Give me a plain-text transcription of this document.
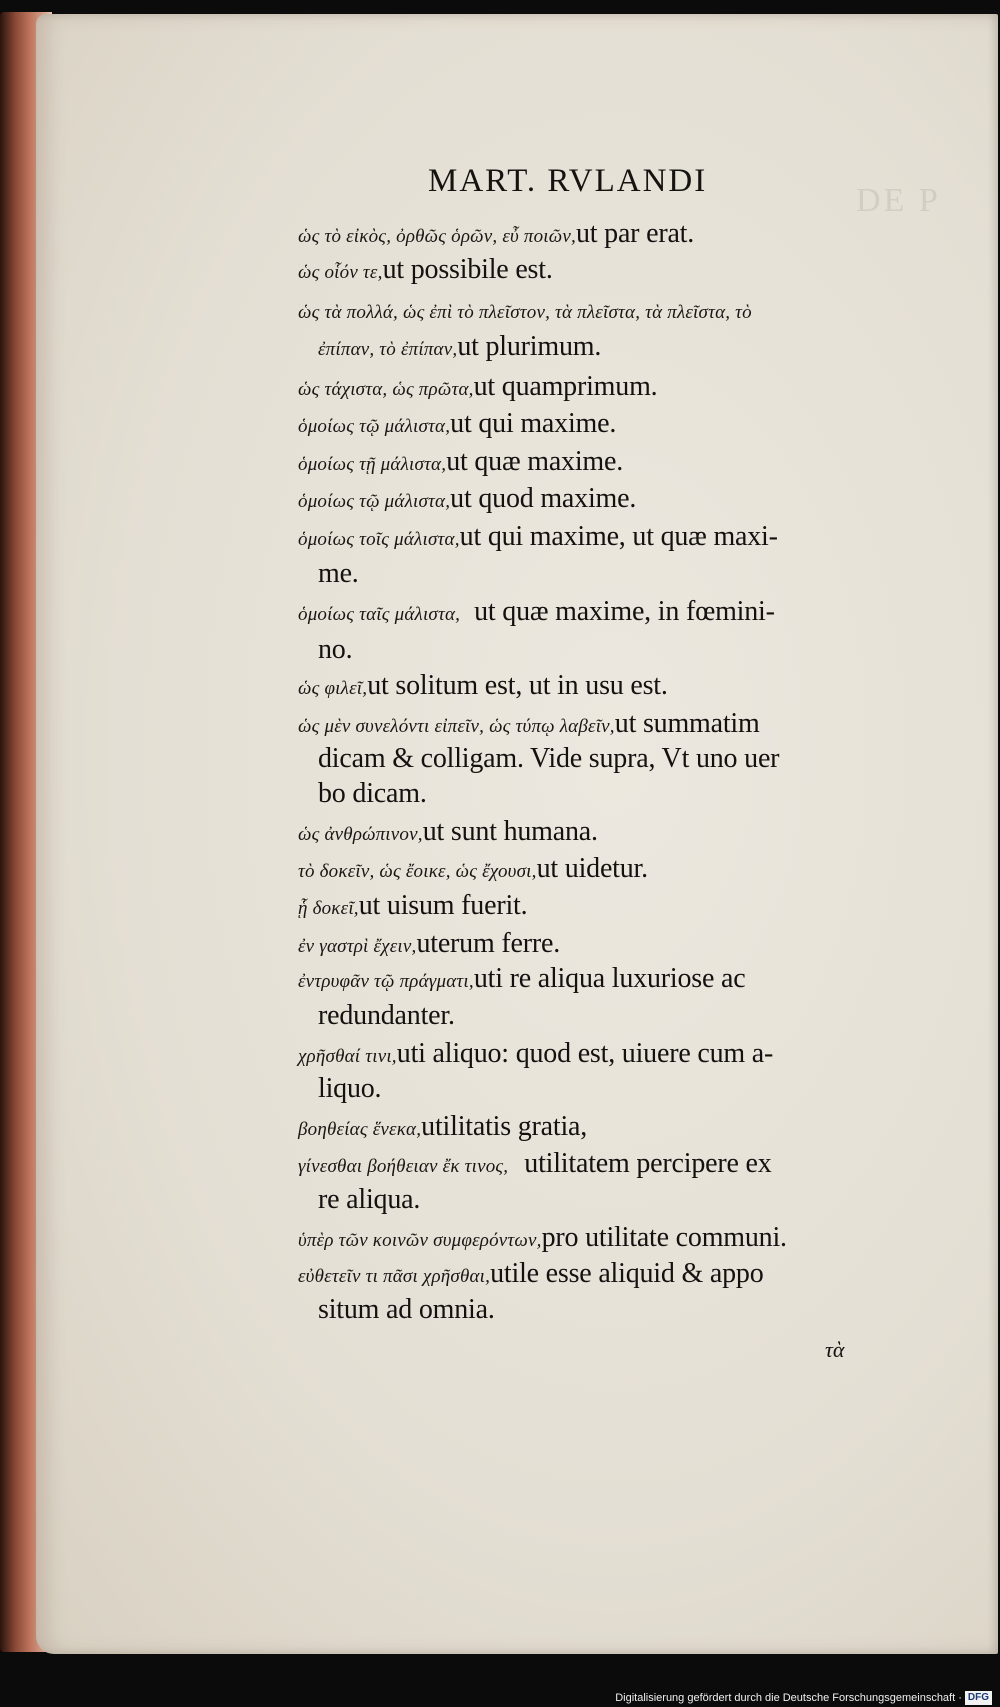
DE P
MART. RVLANDI
ὡς τὸ εἰκὸς, ὀρθῶς ὁρῶν, εὖ ποιῶν,ut par erat.
ὡς οἷόν τε,ut possibile est.
ὡς τὰ πολλά, ὡς ἐπὶ τὸ πλεῖστον, τὰ πλεῖστα, τὰ πλεῖστα, τὸ
ἐπίπαν, τὸ ἐπίπαν,ut plurimum.
ὡς τάχιστα, ὡς πρῶτα,ut quamprimum.
ὁμοίως τῷ μάλιστα,ut qui maxime.
ὁμοίως τῇ μάλιστα,ut quæ maxime.
ὁμοίως τῷ μάλιστα,ut quod maxime.
ὁμοίως τοῖς μάλιστα,ut qui maxime, ut quæ maxi-
me.
ὁμοίως ταῖς μάλιστα, ut quæ maxime, in fœmini-
no.
ὡς φιλεῖ,ut solitum est, ut in usu est.
ὡς μὲν συνελόντι εἰπεῖν, ὡς τύπῳ λαβεῖν,ut summatim
dicam & colligam. Vide supra, Vt uno uer
bo dicam.
ὡς ἀνθρώπινον,ut sunt humana.
τὸ δοκεῖν, ὡς ἔοικε, ὡς ἔχουσι,ut uidetur.
ᾗ δοκεῖ,ut uisum fuerit.
ἐν γαστρὶ ἔχειν,uterum ferre.
ἐντρυφᾶν τῷ πράγματι,uti re aliqua luxuriose ac
redundanter.
χρῆσθαί τινι,uti aliquo: quod est, uiuere cum a-
liquo.
βοηθείας ἕνεκα,utilitatis gratia,
γίνεσθαι βοήθειαν ἔκ τινος, utilitatem percipere ex
re aliqua.
ὑπὲρ τῶν κοινῶν συμφερόντων,pro utilitate communi.
εὐθετεῖν τι πᾶσι χρῆσθαι,utile esse aliquid & appo
situm ad omnia.
τὰ
Digitalisierung gefördert durch die Deutsche Forschungsgemeinschaft · DFG
